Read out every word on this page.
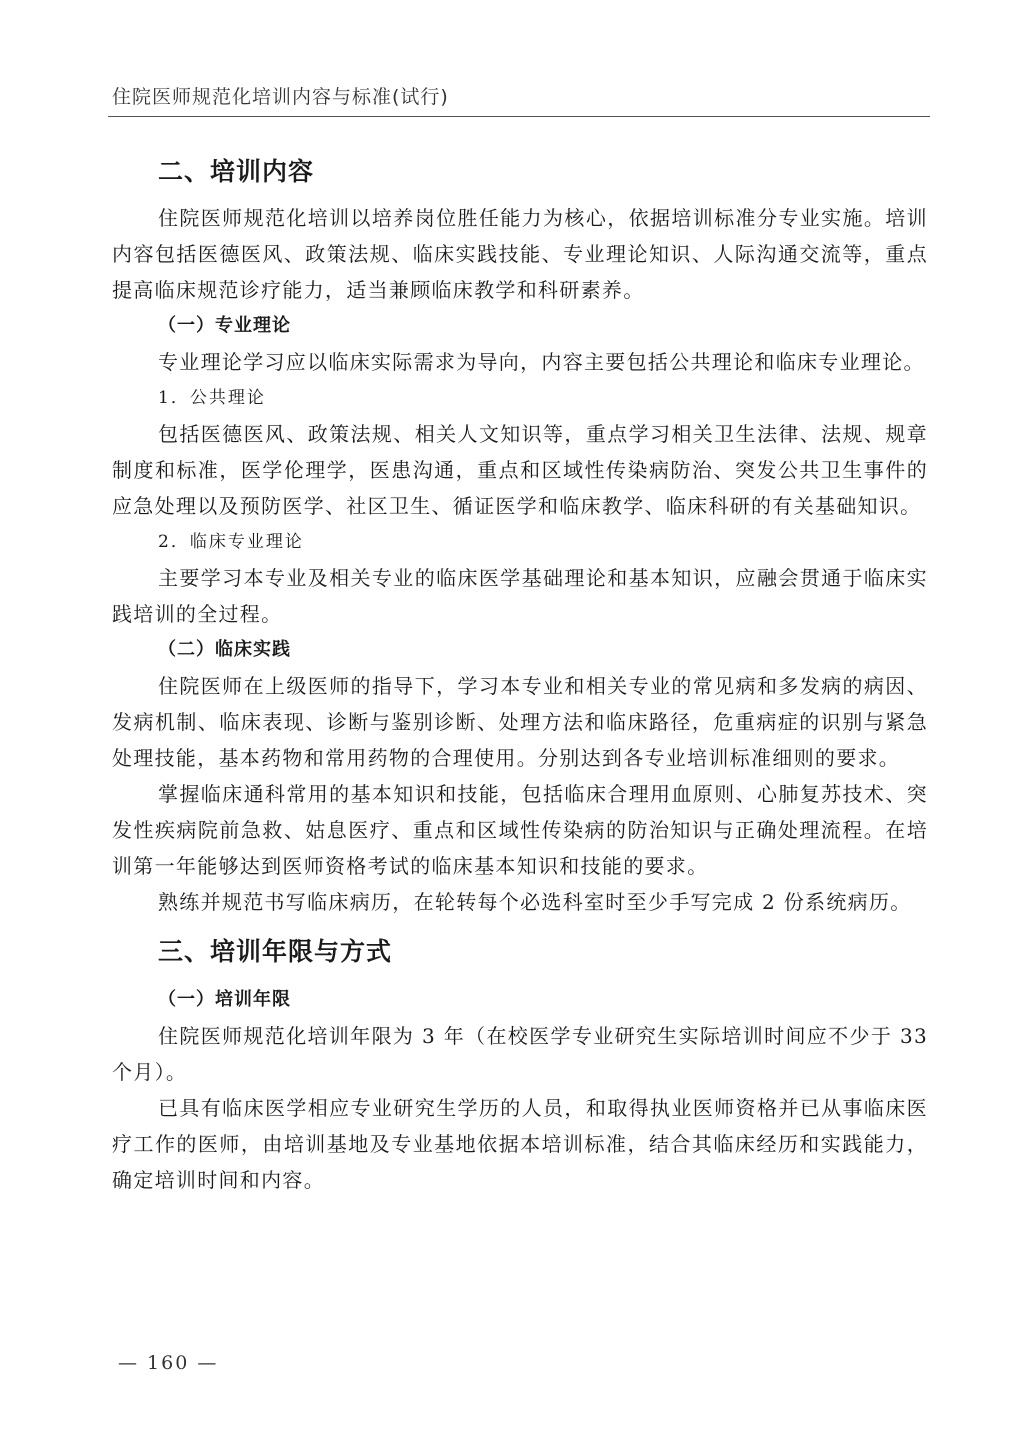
住院医师规范化培训内容与标准(试行)
二、培训内容

住院医师规范化培训以培养岗位胜任能力为核心，依据培训标准分专业实施。培训内容包括医德医风、政策法规、临床实践技能、专业理论知识、人际沟通交流等，重点提高临床规范诊疗能力，适当兼顾临床教学和科研素养。

（一）专业理论

专业理论学习应以临床实际需求为导向，内容主要包括公共理论和临床专业理论。

1．公共理论

包括医德医风、政策法规、相关人文知识等，重点学习相关卫生法律、法规、规章制度和标准，医学伦理学，医患沟通，重点和区域性传染病防治、突发公共卫生事件的应急处理以及预防医学、社区卫生、循证医学和临床教学、临床科研的有关基础知识。

2．临床专业理论

主要学习本专业及相关专业的临床医学基础理论和基本知识，应融会贯通于临床实践培训的全过程。

（二）临床实践

住院医师在上级医师的指导下，学习本专业和相关专业的常见病和多发病的病因、发病机制、临床表现、诊断与鉴别诊断、处理方法和临床路径，危重病症的识别与紧急处理技能，基本药物和常用药物的合理使用。分别达到各专业培训标准细则的要求。

掌握临床通科常用的基本知识和技能，包括临床合理用血原则、心肺复苏技术、突发性疾病院前急救、姑息医疗、重点和区域性传染病的防治知识与正确处理流程。在培训第一年能够达到医师资格考试的临床基本知识和技能的要求。

熟练并规范书写临床病历，在轮转每个必选科室时至少手写完成 2 份系统病历。

三、培训年限与方式
（一）培训年限

住院医师规范化培训年限为 3 年（在校医学专业研究生实际培训时间应不少于 33 个月）。

已具有临床医学相应专业研究生学历的人员，和取得执业医师资格并已从事临床医疗工作的医师，由培训基地及专业基地依据本培训标准，结合其临床经历和实践能力，确定培训时间和内容。

— 160 —
